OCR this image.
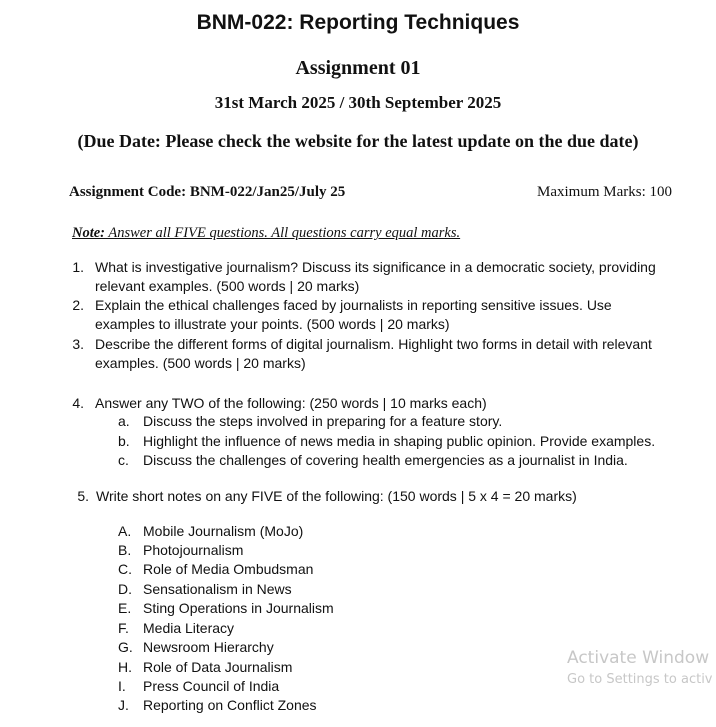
BNM-022: Reporting Techniques
Assignment 01
31st March 2025 / 30th September 2025
(Due Date: Please check the website for the latest update on the due date)
Assignment Code: BNM-022/Jan25/July 25	Maximum Marks: 100
Note: Answer all FIVE questions. All questions carry equal marks.
1. What is investigative journalism? Discuss its significance in a democratic society, providing
relevant examples. (500 words | 20 marks)
2. Explain the ethical challenges faced by journalists in reporting sensitive issues. Use
examples to illustrate your points. (500 words | 20 marks)
3. Describe the different forms of digital journalism. Highlight two forms in detail with relevant
examples. (500 words | 20 marks)
4. Answer any TWO of the following: (250 words | 10 marks each)
a. Discuss the steps involved in preparing for a feature story.
b. Highlight the influence of news media in shaping public opinion. Provide examples.
c. Discuss the challenges of covering health emergencies as a journalist in India.
5. Write short notes on any FIVE of the following: (150 words | 5 x 4 = 20 marks)
A. Mobile Journalism (MoJo)
B. Photojournalism
C. Role of Media Ombudsman
D. Sensationalism in News
E. Sting Operations in Journalism
F. Media Literacy
G. Newsroom Hierarchy
H. Role of Data Journalism
I. Press Council of India
J. Reporting on Conflict Zones
Activate Window
Go to Settings to activ
